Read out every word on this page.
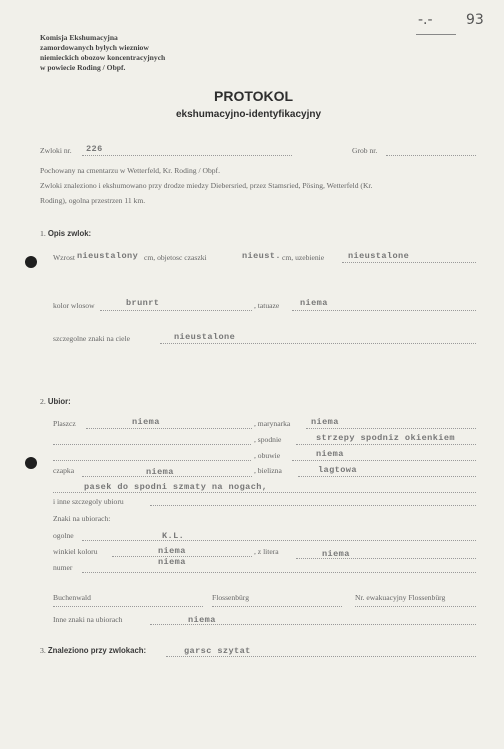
-.- 93
Komisja Ekshumacyjna
zamordowanych bylych wiezniow
niemieckich obozow koncentracyjnych
w powiecie Roding / Obpf.
PROTOKOL
ekshumacyjno-identyfikacyjny
Zwloki nr. 226	Grob nr.
Pochowany na cmentarzu w Wetterfeld, Kr. Roding / Obpf.
Zwloki znaleziono i ekshumowano przy drodze miedzy Diebersried, przez Stamsried, Pösing, Wetterfeld (Kr.
Roding), ogolna przestrzen 11 km.
1. Opis zwlok:
Wzrost nieustalony cm, objetosc czaszki	nieust. cm, uzebienie	nieustalone
kolor wlosow	brunrt	, tatuaze niema
szczegolne znaki na ciele	nieustalone
2. Ubior:
Plaszcz	niema	, marynarka niema
, spodnie	strzepy spodniz okienkiem
, obuwie	niema
czapka	niema	, bielizna	lagtowa
pasek do spodni szmaty na nogach,
i inne szczegoly ubioru
Znaki na ubiorach:
ogolne	K.L.
winkiel koloru	niema	, z litera	niema
numer
niema
Buchenwald	Flossenbürg	Nr. ewakuacyjny Flossenbürg
Inne znaki na ubiorach	niema
3. Znaleziono przy zwlokach:	garsc szytat
